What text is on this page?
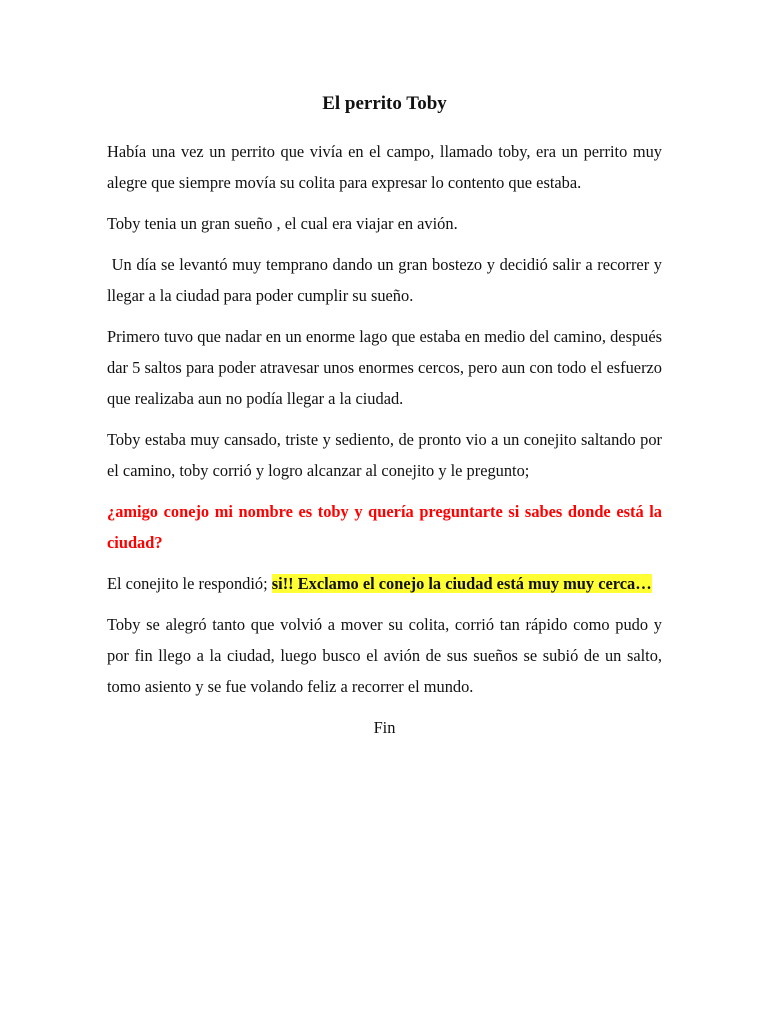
El perrito Toby

Había una vez un perrito que vivía en el campo, llamado toby, era un perrito muy alegre que siempre movía su colita para expresar lo contento que estaba.

Toby tenia un gran sueño , el cual era viajar en avión.

Un día se levantó muy temprano dando un gran bostezo y decidió salir a recorrer y llegar a la ciudad para poder cumplir su sueño.

Primero tuvo que nadar en un enorme lago que estaba en medio del camino, después dar 5 saltos para poder atravesar unos enormes cercos, pero aun con todo el esfuerzo que realizaba aun no podía llegar a la ciudad.

Toby estaba muy cansado, triste y sediento, de pronto vio a un conejito saltando por el camino, toby corrió y logro alcanzar al conejito y le pregunto;

¿amigo conejo mi nombre es toby y quería preguntarte si sabes donde está la ciudad?

El conejito le respondió; si!! Exclamo el conejo la ciudad está muy muy cerca…

Toby se alegró tanto que volvió a mover su colita, corrió tan rápido como pudo y por fin llego a la ciudad, luego busco el avión de sus sueños se subió de un salto, tomo asiento y se fue volando feliz a recorrer el mundo.

Fin
